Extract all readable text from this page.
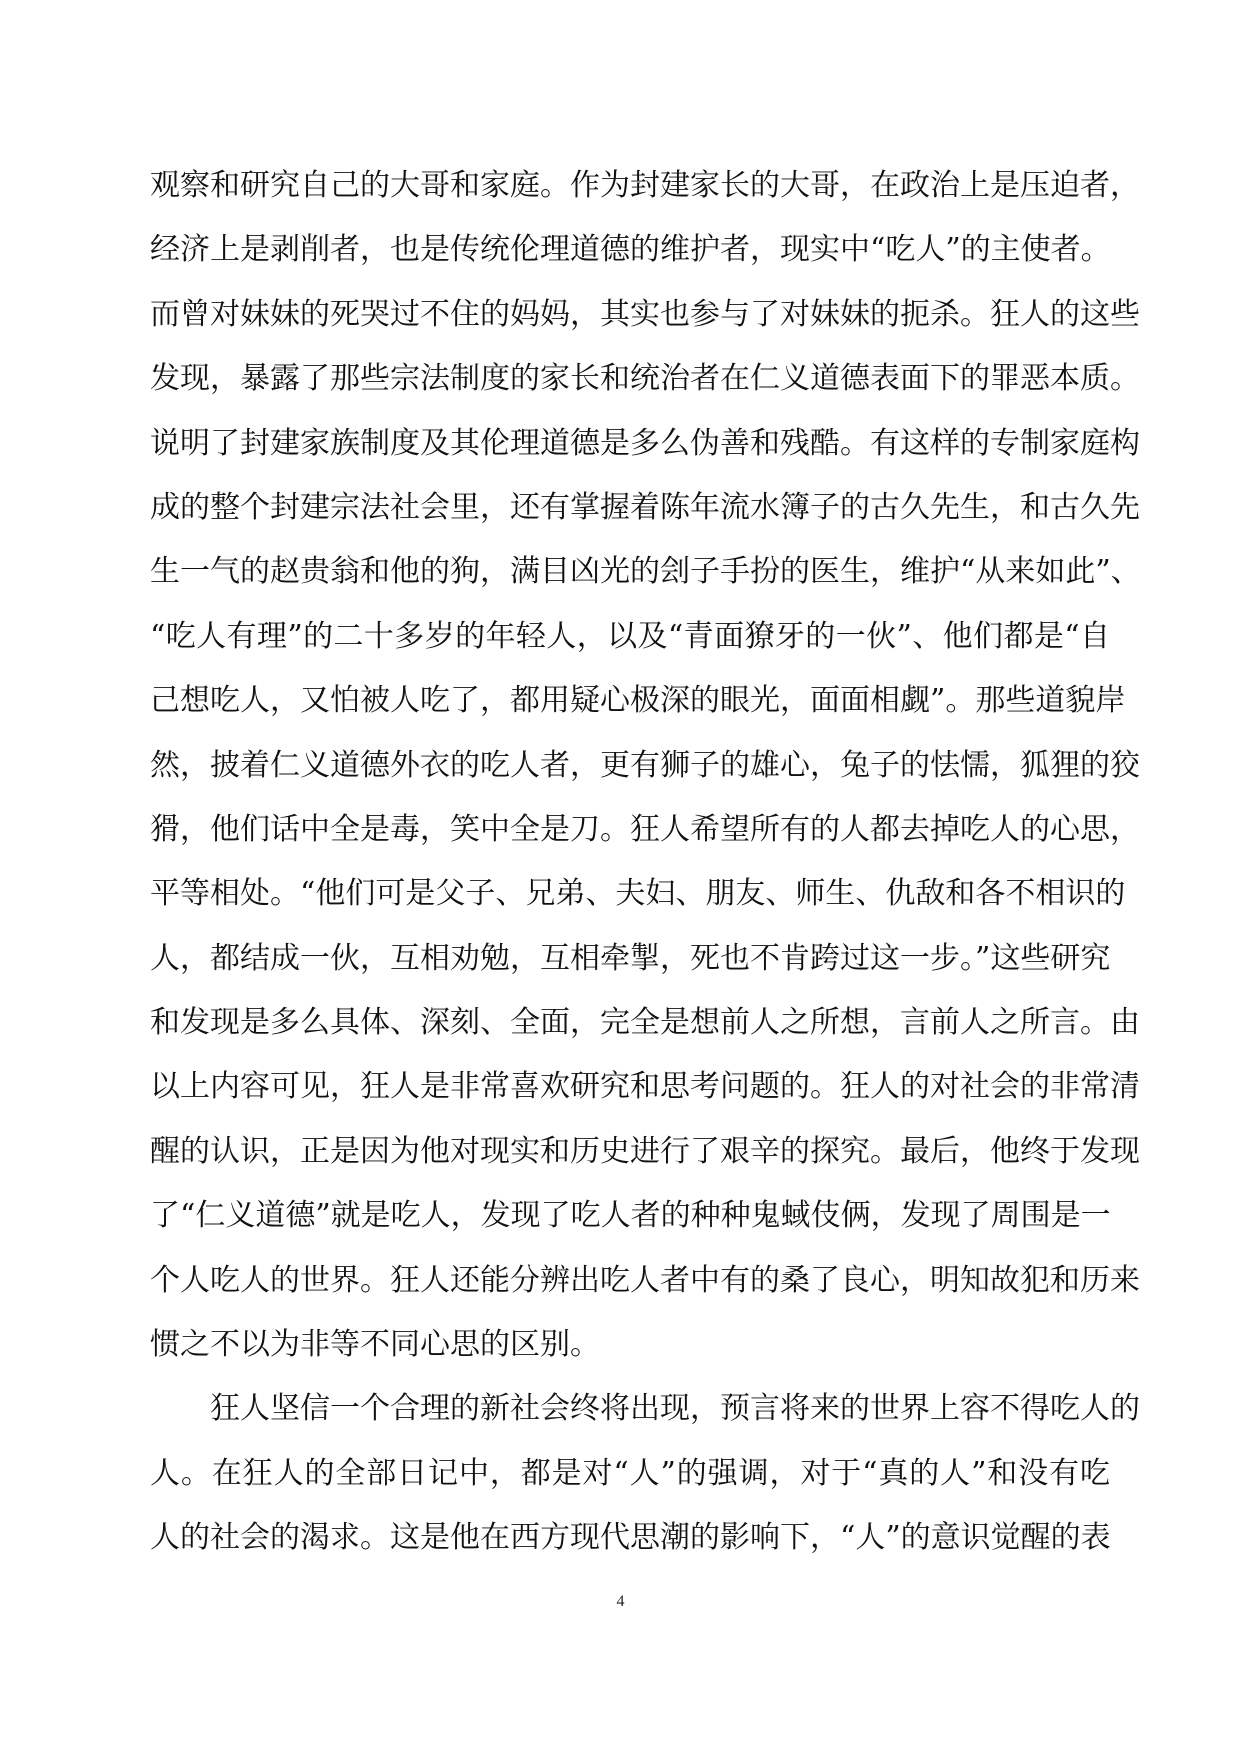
观察和研究自己的大哥和家庭。作为封建家长的大哥，在政治上是压迫者，
经济上是剥削者，也是传统伦理道德的维护者，现实中“吃人”的主使者。
而曾对妹妹的死哭过不住的妈妈，其实也参与了对妹妹的扼杀。狂人的这些
发现，暴露了那些宗法制度的家长和统治者在仁义道德表面下的罪恶本质。
说明了封建家族制度及其伦理道德是多么伪善和残酷。有这样的专制家庭构
成的整个封建宗法社会里，还有掌握着陈年流水簿子的古久先生，和古久先
生一气的赵贵翁和他的狗，满目凶光的刽子手扮的医生，维护“从来如此”、
“吃人有理”的二十多岁的年轻人，以及“青面獠牙的一伙”、他们都是“自
己想吃人，又怕被人吃了，都用疑心极深的眼光，面面相觑”。那些道貌岸
然，披着仁义道德外衣的吃人者，更有狮子的雄心，兔子的怯懦，狐狸的狡
猾，他们话中全是毒，笑中全是刀。狂人希望所有的人都去掉吃人的心思，
平等相处。“他们可是父子、兄弟、夫妇、朋友、师生、仇敌和各不相识的
人，都结成一伙，互相劝勉，互相牵掣，死也不肯跨过这一步。”这些研究
和发现是多么具体、深刻、全面，完全是想前人之所想，言前人之所言。由
以上内容可见，狂人是非常喜欢研究和思考问题的。狂人的对社会的非常清
醒的认识，正是因为他对现实和历史进行了艰辛的探究。最后，他终于发现
了“仁义道德”就是吃人，发现了吃人者的种种鬼蜮伎俩，发现了周围是一
个人吃人的世界。狂人还能分辨出吃人者中有的桑了良心，明知故犯和历来
惯之不以为非等不同心思的区别。
　　狂人坚信一个合理的新社会终将出现，预言将来的世界上容不得吃人的
人。在狂人的全部日记中，都是对“人”的强调，对于“真的人”和没有吃
人的社会的渴求。这是他在西方现代思潮的影响下，“人”的意识觉醒的表
4
